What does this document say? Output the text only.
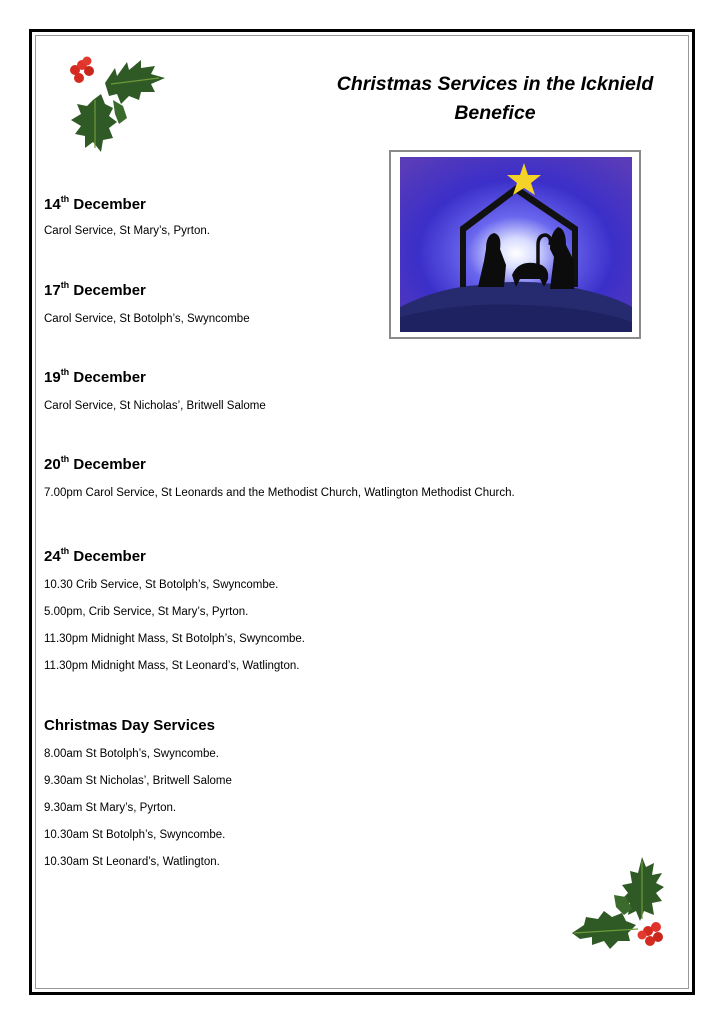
Christmas Services in the Icknield
Benefice

14th December

Carol Service, St Mary’s, Pyrton.

17th December

Carol Service, St Botolph’s, Swyncombe

19th December

Carol Service, St Nicholas’, Britwell Salome

20th December

7.00pm Carol Service, St Leonards and the Methodist Church, Watlington Methodist Church.

24th December

10.30 Crib Service, St Botolph’s, Swyncombe.

5.00pm, Crib Service, St Mary’s, Pyrton.

11.30pm Midnight Mass, St Botolph’s, Swyncombe.

11.30pm Midnight Mass, St Leonard’s, Watlington.

Christmas Day Services

8.00am St Botolph’s, Swyncombe.

9.30am St Nicholas’, Britwell Salome

9.30am St Mary’s, Pyrton.

10.30am St Botolph’s, Swyncombe.

10.30am St Leonard’s, Watlington.
